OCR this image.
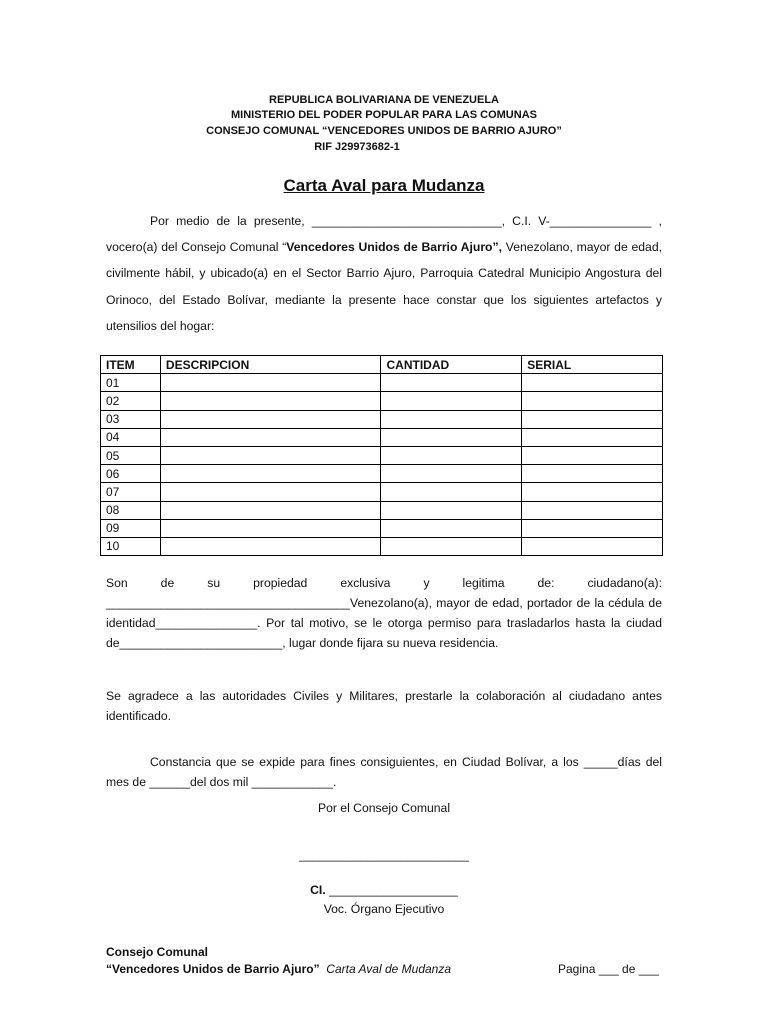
REPUBLICA BOLIVARIANA DE VENEZUELA
MINISTERIO DEL PODER POPULAR PARA LAS COMUNAS
CONSEJO COMUNAL “VENCEDORES UNIDOS DE BARRIO AJURO”
RIF J29973682-1
Carta Aval para Mudanza

Por medio de la presente, ____________________________, C.I. V-_______________ , vocero(a) del Consejo Comunal “Vencedores Unidos de Barrio Ajuro”, Venezolano, mayor de edad, civilmente hábil, y ubicado(a) en el Sector Barrio Ajuro, Parroquia Catedral Municipio Angostura del Orinoco, del Estado Bolívar, mediante la presente hace constar que los siguientes artefactos y utensilios del hogar:

ITEM	DESCRIPCION	CANTIDAD	SERIAL
01			
02			
03			
04			
05			
06			
07			
08			
09			
10			

Son de su propiedad exclusiva y legitima de: ciudadano(a): ____________________________________Venezolano(a), mayor de edad, portador de la cédula de identidad_______________. Por tal motivo, se le otorga permiso para trasladarlos hasta la ciudad de________________________, lugar donde fijara su nueva residencia.

Se agradece a las autoridades Civiles y Militares, prestarle la colaboración al ciudadano antes identificado.

Constancia que se expide para fines consiguientes, en Ciudad Bolívar, a los _____días del mes de ______del dos mil ____________.

Por el Consejo Comunal
_________________________
CI. ___________________
Voc. Órgano Ejecutivo
Consejo Comunal
“Vencedores Unidos de Barrio Ajuro” Carta Aval de Mudanza	Pagina ___ de ___
